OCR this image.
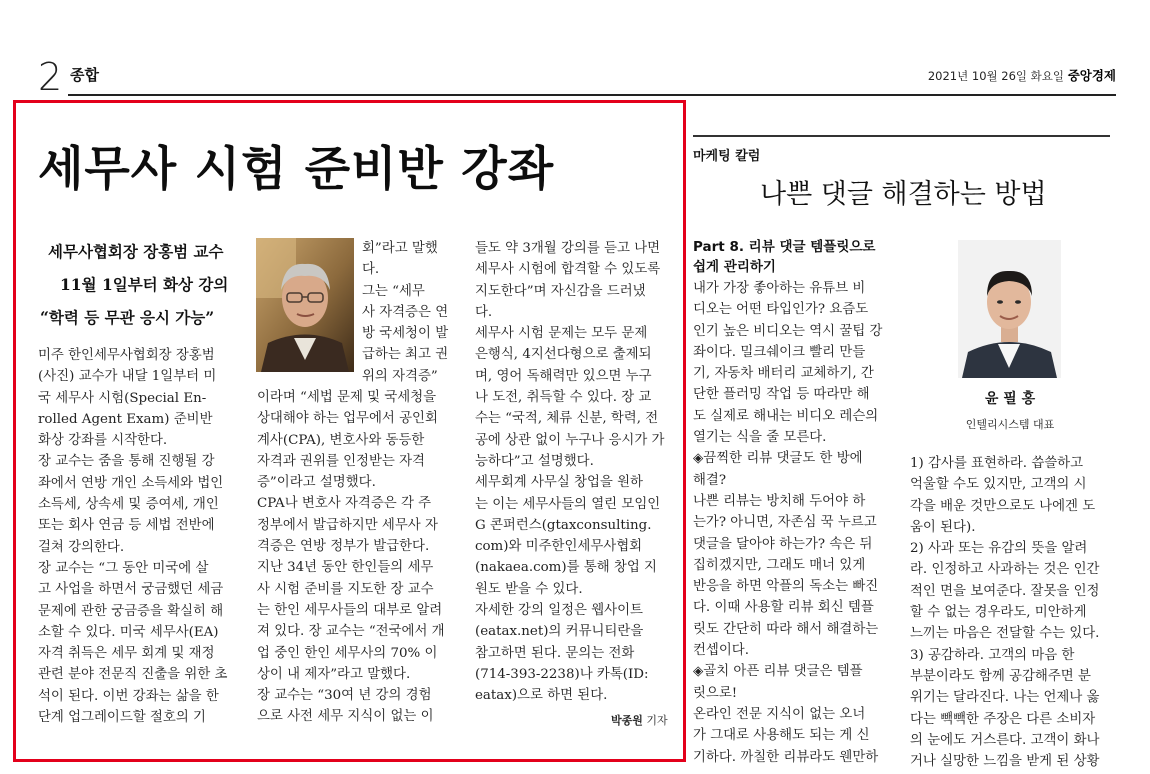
2 종합	2021년 10월 26일 화요일 중앙경제
세무사 시험 준비반 강좌
세무사협회장 장홍범 교수
11월 1일부터 화상 강의
“학력 등 무관 응시 가능”

미주 한인세무사협회장 장홍범

(사진) 교수가 내달 1일부터 미

국 세무사 시험(Special En-

rolled Agent Exam) 준비반

화상 강좌를 시작한다.

장 교수는 줌을 통해 진행될 강

좌에서 연방 개인 소득세와 법인

소득세, 상속세 및 증여세, 개인

또는 회사 연금 등 세법 전반에

걸쳐 강의한다.

장 교수는 “그 동안 미국에 살

고 사업을 하면서 궁금했던 세금

문제에 관한 궁금증을 확실히 해

소할 수 있다. 미국 세무사(EA)

자격 취득은 세무 회계 및 재정

관련 분야 전문직 진출을 위한 초

석이 된다. 이번 강좌는 삶을 한

단계 업그레이드할 절호의 기

회”라고 말했

다.

그는 “세무

사 자격증은 연

방 국세청이 발

급하는 최고 권

위의 자격증”

이라며 “세법 문제 및 국세청을

상대해야 하는 업무에서 공인회

계사(CPA), 변호사와 동등한

자격과 권위를 인정받는 자격

증”이라고 설명했다.

CPA나 변호사 자격증은 각 주

정부에서 발급하지만 세무사 자

격증은 연방 정부가 발급한다.

지난 34년 동안 한인들의 세무

사 시험 준비를 지도한 장 교수

는 한인 세무사들의 대부로 알려

져 있다. 장 교수는 “전국에서 개

업 중인 한인 세무사의 70% 이

상이 내 제자”라고 말했다.

장 교수는 “30여 년 강의 경험

으로 사전 세무 지식이 없는 이

들도 약 3개월 강의를 듣고 나면

세무사 시험에 합격할 수 있도록

지도한다”며 자신감을 드러냈

다.

세무사 시험 문제는 모두 문제

은행식, 4지선다형으로 출제되

며, 영어 독해력만 있으면 누구

나 도전, 취득할 수 있다. 장 교

수는 “국적, 체류 신분, 학력, 전

공에 상관 없이 누구나 응시가 가

능하다”고 설명했다.

세무회계 사무실 창업을 원하

는 이는 세무사들의 열린 모임인

G 콘퍼런스(gtaxconsulting.

com)와 미주한인세무사협회

(nakaea.com)를 통해 창업 지

원도 받을 수 있다.

자세한 강의 일정은 웹사이트

(eatax.net)의 커뮤니티란을

참고하면 된다. 문의는 전화

(714-393-2238)나 카톡(ID:

eatax)으로 하면 된다.

박종원 기자
마케팅 칼럼
나쁜 댓글 해결하는 방법
Part 8. 리뷰 댓글 템플릿으로
쉽게 관리하기

내가 가장 좋아하는 유튜브 비

디오는 어떤 타입인가? 요즘도

인기 높은 비디오는 역시 꿀팁 강

좌이다. 밀크쉐이크 빨리 만들

기, 자동차 배터리 교체하기, 간

단한 플러밍 작업 등 따라만 해

도 실제로 해내는 비디오 레슨의

열기는 식을 줄 모른다.

◈끔찍한 리뷰 댓글도 한 방에

해결?

나쁜 리뷰는 방치해 두어야 하

는가? 아니면, 자존심 꾹 누르고

댓글을 달아야 하는가? 속은 뒤

집히겠지만, 그래도 매너 있게

반응을 하면 악플의 독소는 빠진

다. 이때 사용할 리뷰 회신 템플

릿도 간단히 따라 해서 해결하는

컨셉이다.

◈골치 아픈 리뷰 댓글은 템플

릿으로!

온라인 전문 지식이 없는 오너

가 그대로 사용해도 되는 게 신

기하다. 까칠한 리뷰라도 웬만하

윤 필 홍
인텔리시스템 대표

1) 감사를 표현하라. 씁쓸하고

억울할 수도 있지만, 고객의 시

각을 배운 것만으로도 나에겐 도

움이 된다).

2) 사과 또는 유감의 뜻을 알려

라. 인정하고 사과하는 것은 인간

적인 면을 보여준다. 잘못을 인정

할 수 없는 경우라도, 미안하게

느끼는 마음은 전달할 수는 있다.

3) 공감하라. 고객의 마음 한

부분이라도 함께 공감해주면 분

위기는 달라진다. 나는 언제나 옳

다는 빽빽한 주장은 다른 소비자

의 눈에도 거스른다. 고객이 화나

거나 실망한 느낌을 받게 된 상황
